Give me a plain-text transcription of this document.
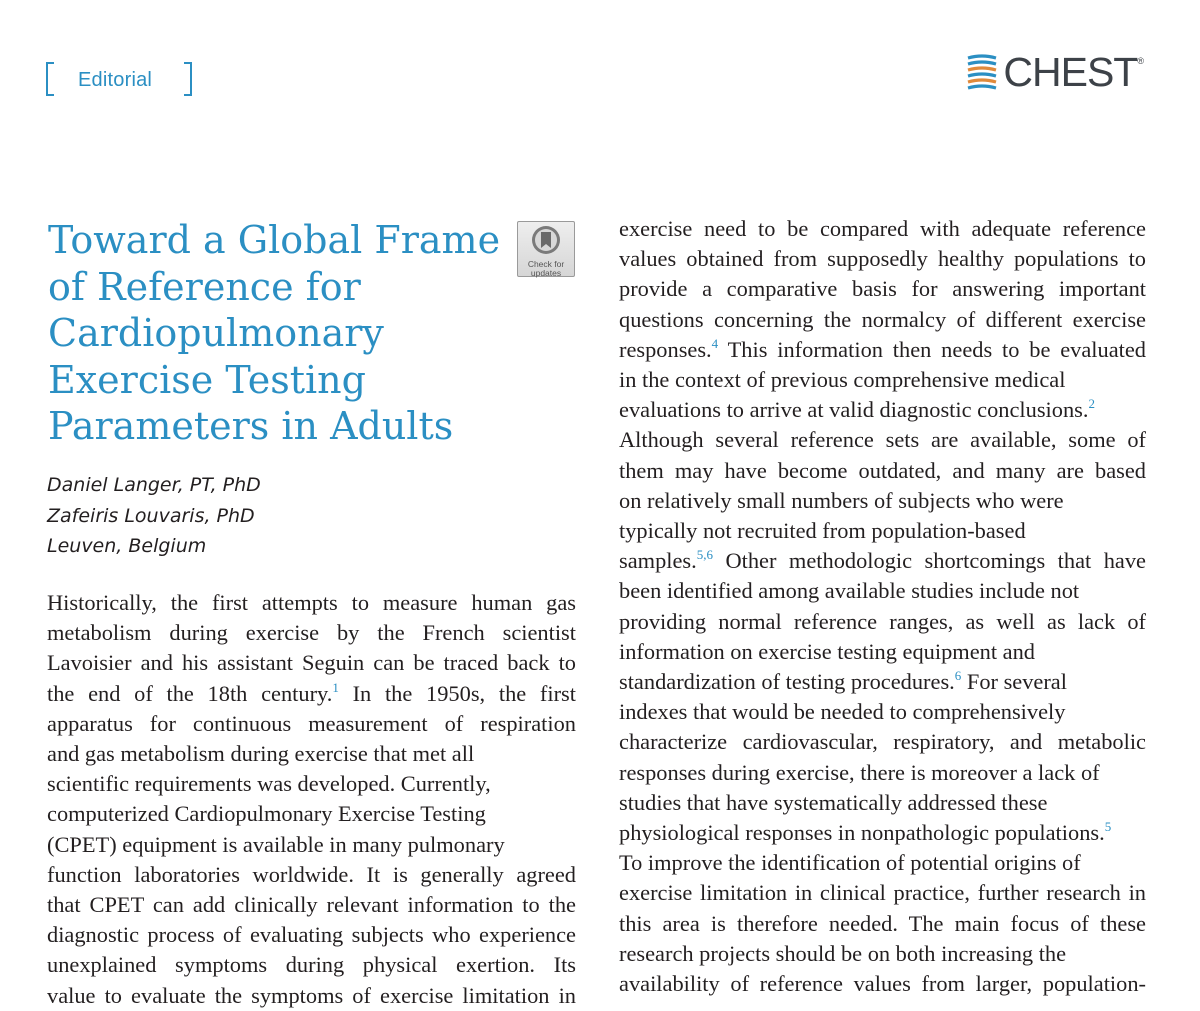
Editorial	CHEST ®
Toward a Global Frame
of Reference for
Cardiopulmonary
Exercise Testing
Parameters in Adults
Check for
updates
Daniel Langer, PT, PhD
Zafeiris Louvaris, PhD
Leuven, Belgium
Historically, the first attempts to measure human gas
metabolism during exercise by the French scientist
Lavoisier and his assistant Seguin can be traced back to
the end of the 18th century.$^1$ In the 1950s, the first
apparatus for continuous measurement of respiration
and gas metabolism during exercise that met all
scientific requirements was developed. Currently,
computerized Cardiopulmonary Exercise Testing
(CPET) equipment is available in many pulmonary
function laboratories worldwide. It is generally agreed
that CPET can add clinically relevant information to the
diagnostic process of evaluating subjects who experience
unexplained symptoms during physical exertion. Its
value to evaluate the symptoms of exercise limitation in
exercise need to be compared with adequate reference
values obtained from supposedly healthy populations to
provide a comparative basis for answering important
questions concerning the normalcy of different exercise
responses.$^4$ This information then needs to be evaluated
in the context of previous comprehensive medical
evaluations to arrive at valid diagnostic conclusions.$^2$
Although several reference sets are available, some of
them may have become outdated, and many are based
on relatively small numbers of subjects who were
typically not recruited from population-based
samples.$^{5,6}$ Other methodologic shortcomings that have
been identified among available studies include not
providing normal reference ranges, as well as lack of
information on exercise testing equipment and
standardization of testing procedures.$^6$ For several
indexes that would be needed to comprehensively
characterize cardiovascular, respiratory, and metabolic
responses during exercise, there is moreover a lack of
studies that have systematically addressed these
physiological responses in nonpathologic populations.$^5$
To improve the identification of potential origins of
exercise limitation in clinical practice, further research in
this area is therefore needed. The main focus of these
research projects should be on both increasing the
availability of reference values from larger, population-
